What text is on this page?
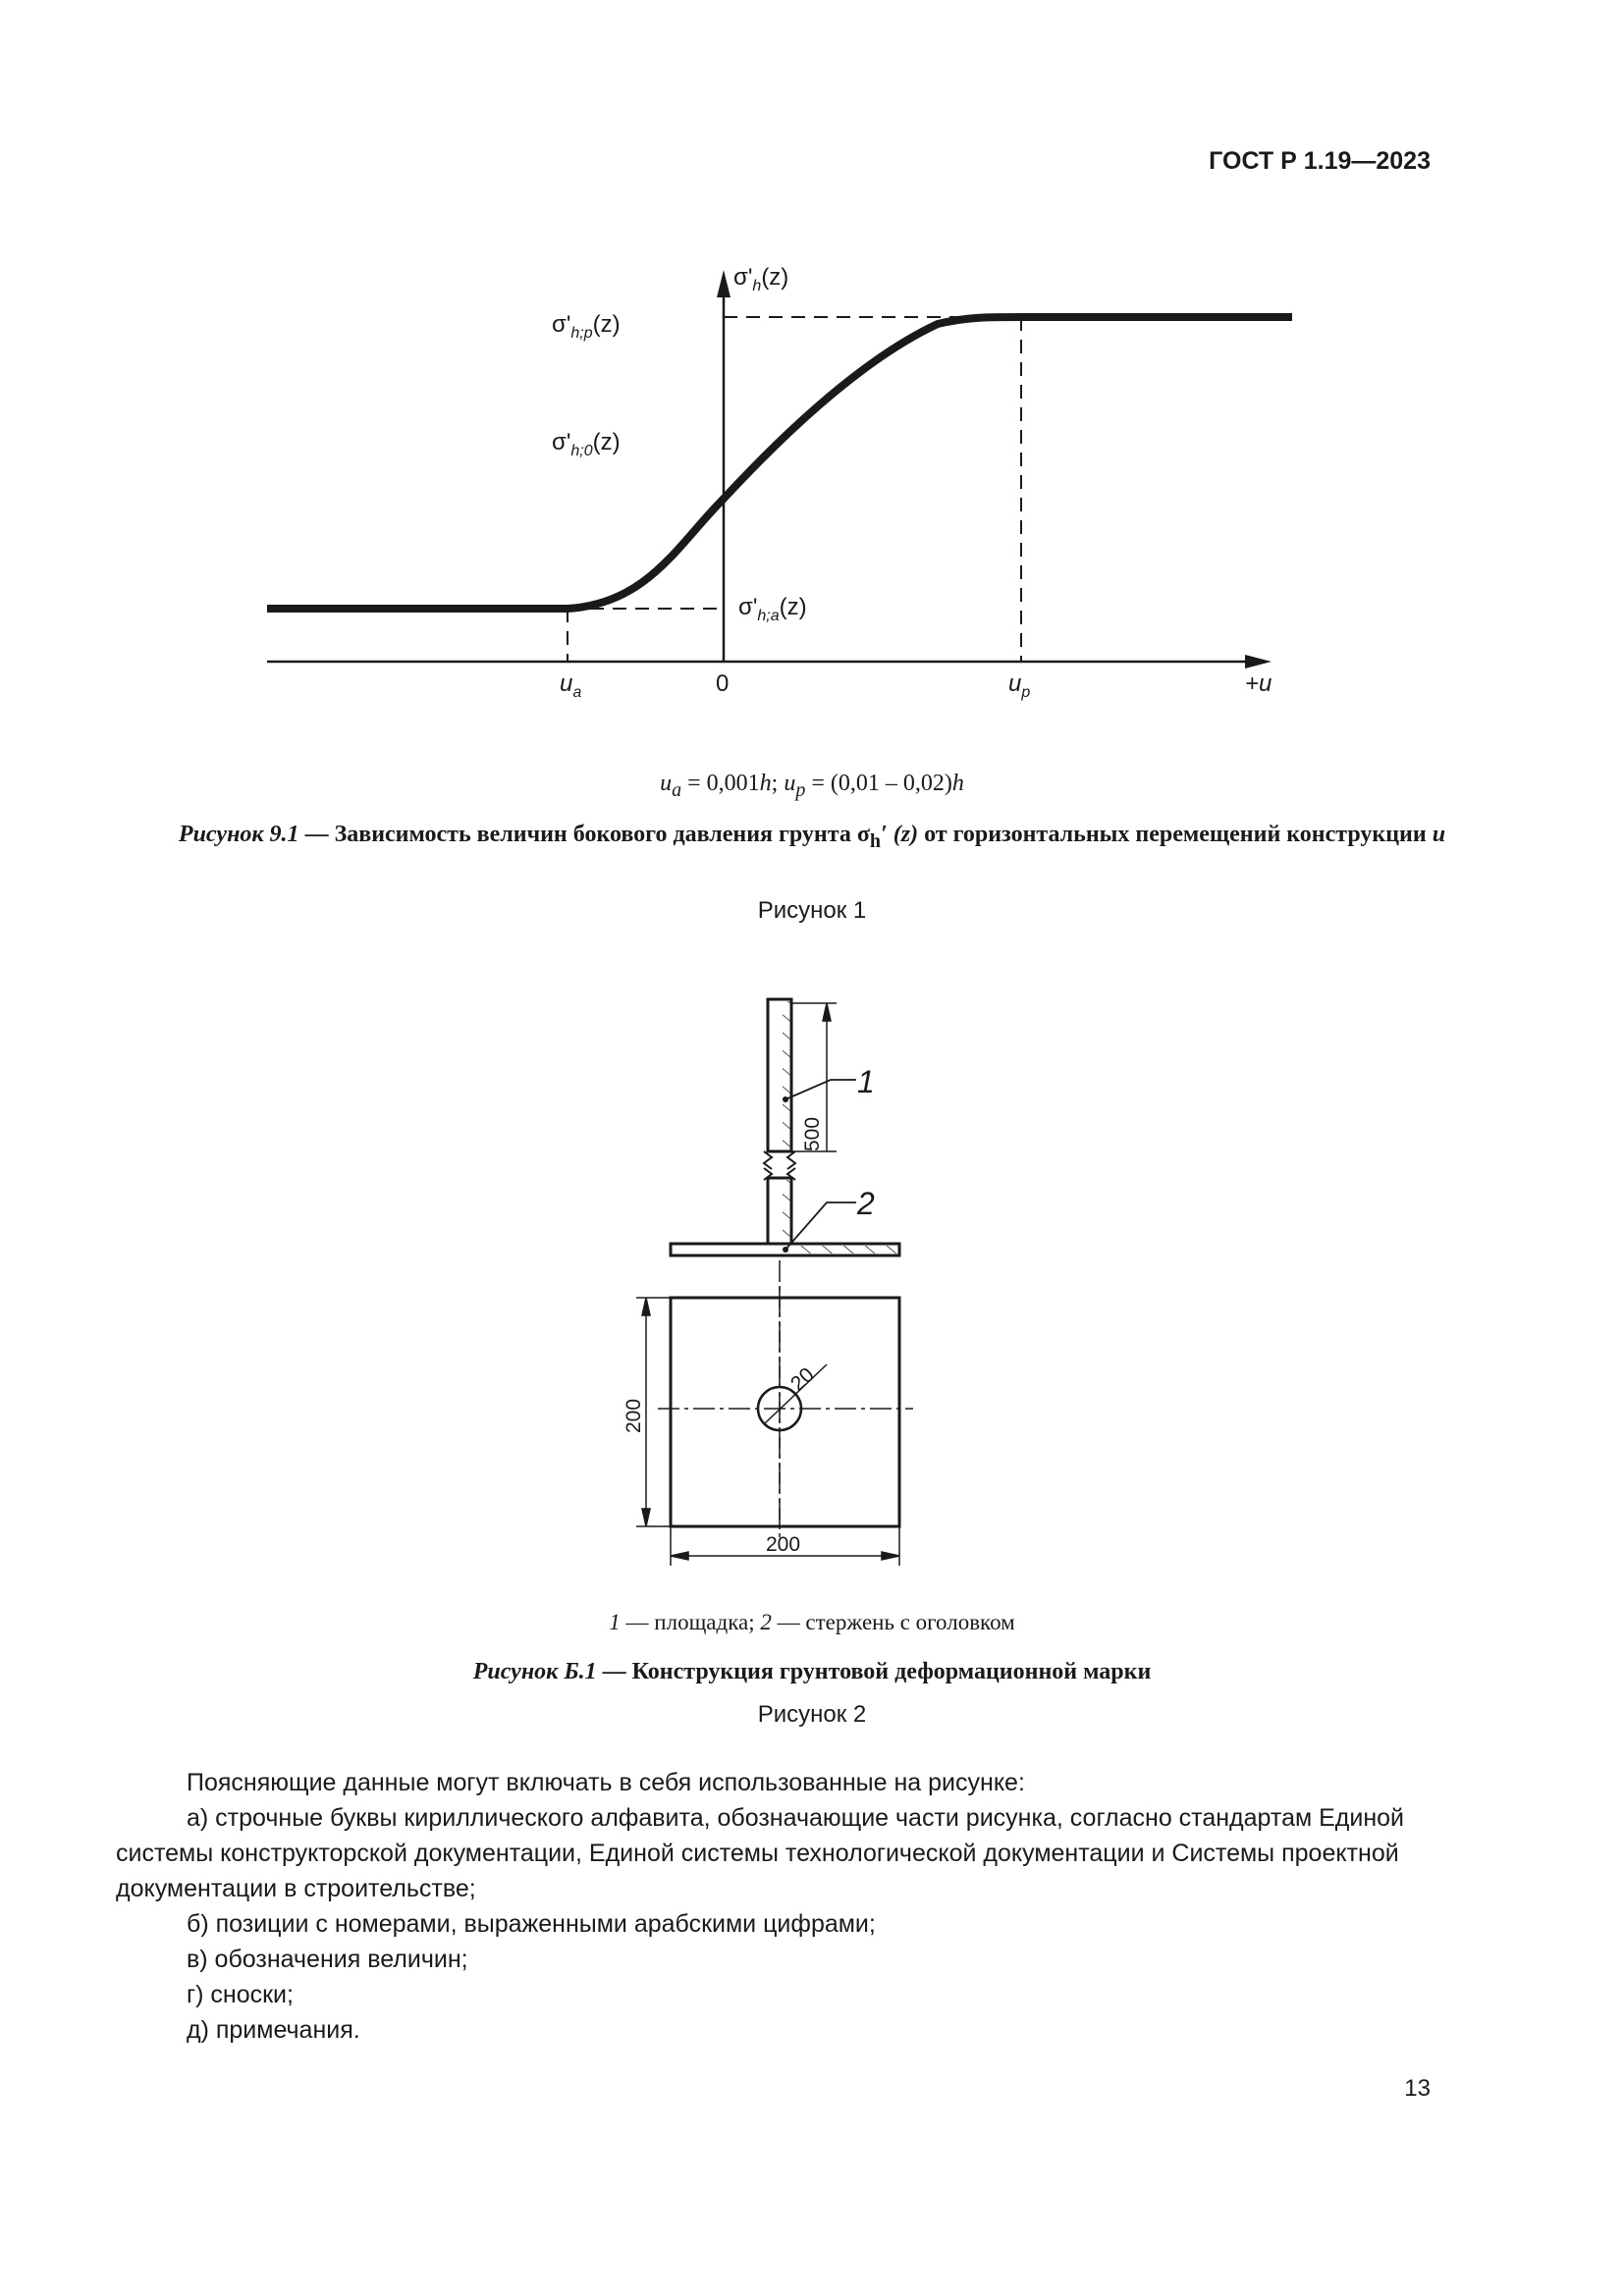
ГОСТ Р 1.19—2023
$\sigma'_h(z)$
$\sigma'_{h;p}(z)$
$\sigma'_{h;0}(z)$
$\sigma'_{h;a}(z)$
$u_a$	0	$u_p$	+u
$u_a = 0,001h$; $u_p = (0,01 - 0,02)h$
Рисунок 9.1 — Зависимость величин бокового давления грунта $\sigma_h'$ (z) от горизонтальных перемещений конструкции u
Рисунок 1
500
1
2
20
200
200
1 — площадка; 2 — стержень с оголовком
Рисунок Б.1 — Конструкция грунтовой деформационной марки
Рисунок 2

Поясняющие данные могут включать в себя использованные на рисунке:

а) строчные буквы кириллического алфавита, обозначающие части рисунка, согласно стандартам Единой системы конструкторской документации, Единой системы технологической документации и Системы проектной документации в строительстве;

б) позиции с номерами, выраженными арабскими цифрами;

в) обозначения величин;

г) сноски;

д) примечания.

13
